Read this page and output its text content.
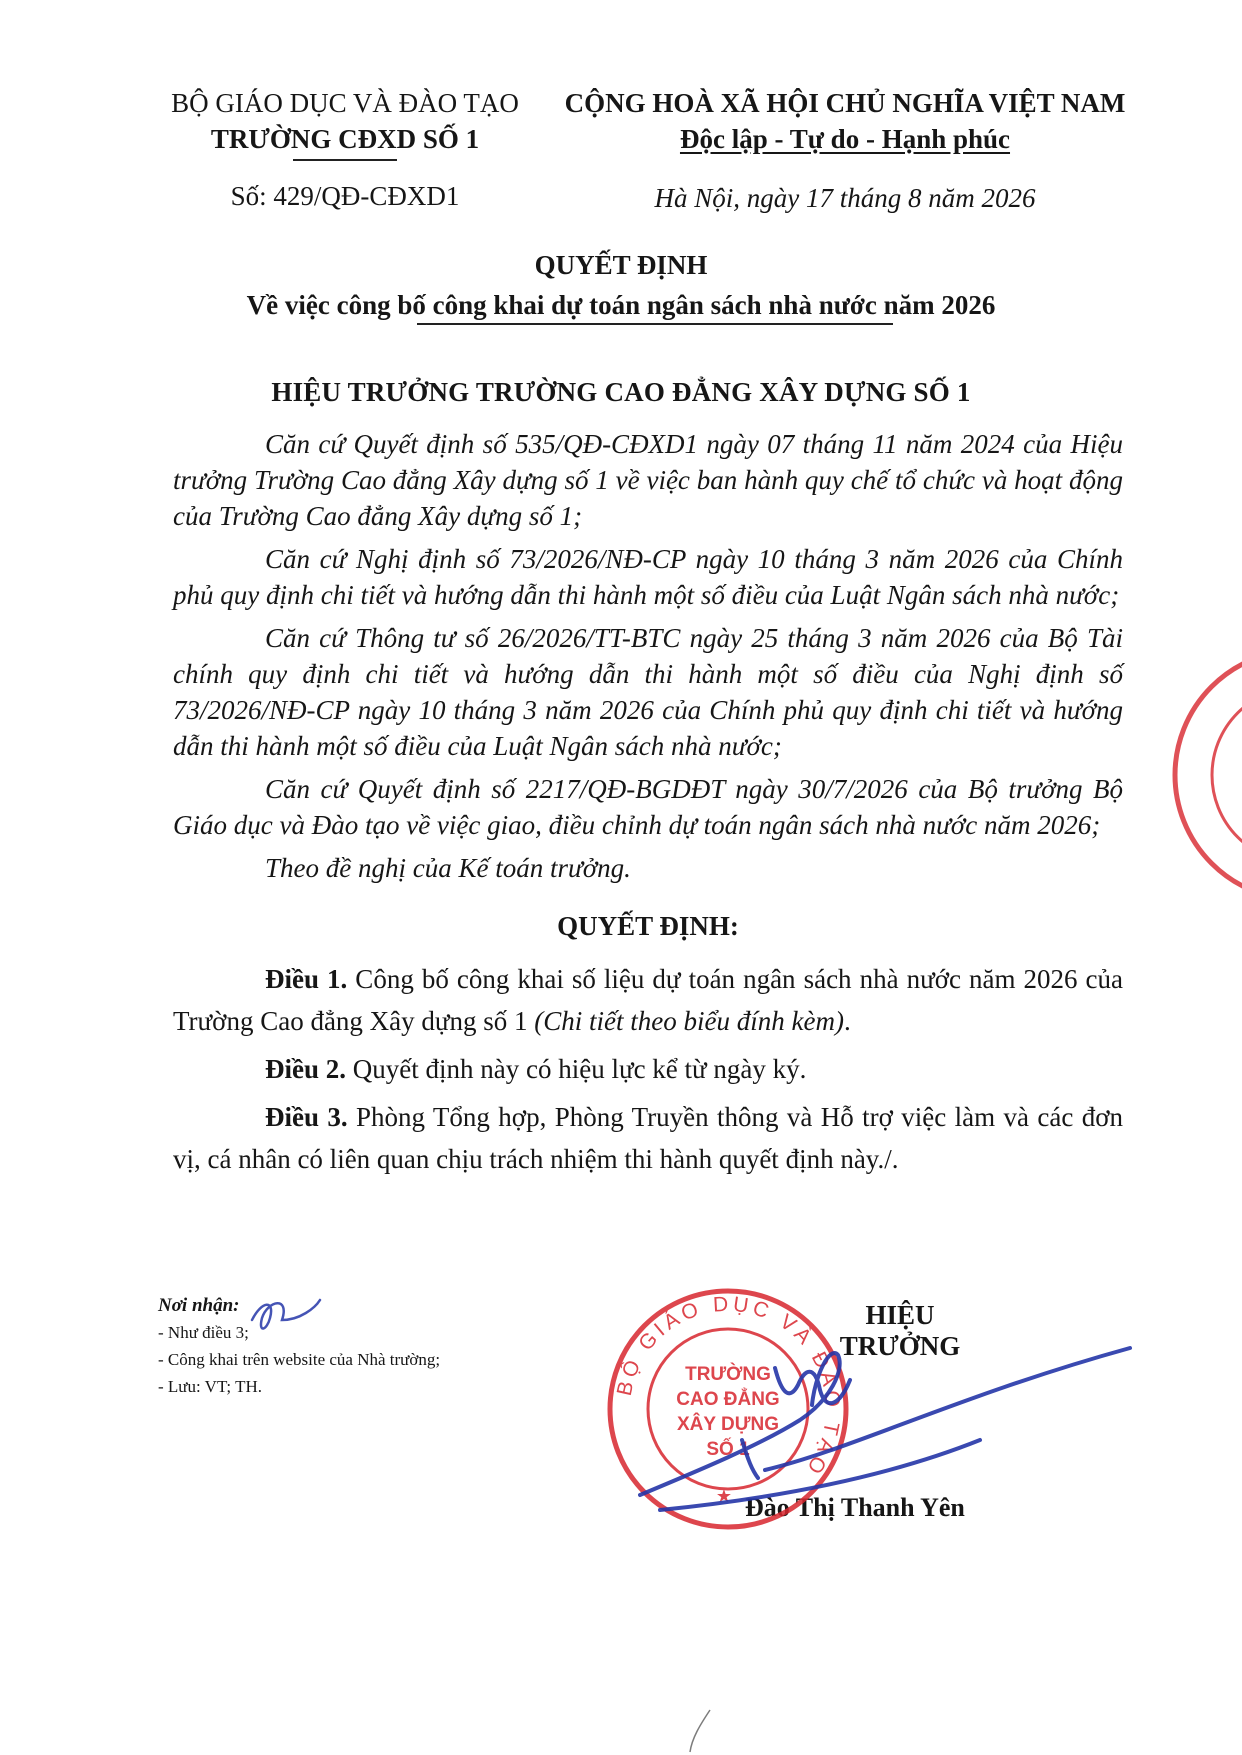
BỘ GIÁO DỤC VÀ ĐÀO TẠO
TRƯỜNG CĐXD SỐ 1
Số: 429/QĐ-CĐXD1
CỘNG HOÀ XÃ HỘI CHỦ NGHĨA VIỆT NAM
Độc lập - Tự do - Hạnh phúc
Hà Nội, ngày 17 tháng 8 năm 2026
QUYẾT ĐỊNH
Về việc công bố công khai dự toán ngân sách nhà nước năm 2026
HIỆU TRƯỞNG TRƯỜNG CAO ĐẲNG XÂY DỰNG SỐ 1

Căn cứ Quyết định số 535/QĐ-CĐXD1 ngày 07 tháng 11 năm 2024 của Hiệu trưởng Trường Cao đẳng Xây dựng số 1 về việc ban hành quy chế tổ chức và hoạt động của Trường Cao đẳng Xây dựng số 1;

Căn cứ Nghị định số 73/2026/NĐ-CP ngày 10 tháng 3 năm 2026 của Chính phủ quy định chi tiết và hướng dẫn thi hành một số điều của Luật Ngân sách nhà nước;

Căn cứ Thông tư số 26/2026/TT-BTC ngày 25 tháng 3 năm 2026 của Bộ Tài chính quy định chi tiết và hướng dẫn thi hành một số điều của Nghị định số 73/2026/NĐ-CP ngày 10 tháng 3 năm 2026 của Chính phủ quy định chi tiết và hướng dẫn thi hành một số điều của Luật Ngân sách nhà nước;

Căn cứ Quyết định số 2217/QĐ-BGDĐT ngày 30/7/2026 của Bộ trưởng Bộ Giáo dục và Đào tạo về việc giao, điều chỉnh dự toán ngân sách nhà nước năm 2026;

Theo đề nghị của Kế toán trưởng.

QUYẾT ĐỊNH:

Điều 1. Công bố công khai số liệu dự toán ngân sách nhà nước năm 2026 của Trường Cao đẳng Xây dựng số 1 (Chi tiết theo biểu đính kèm).

Điều 2. Quyết định này có hiệu lực kể từ ngày ký.

Điều 3. Phòng Tổng hợp, Phòng Truyền thông và Hỗ trợ việc làm và các đơn vị, cá nhân có liên quan chịu trách nhiệm thi hành quyết định này./.

Nơi nhận:
- Như điều 3;
- Công khai trên website của Nhà trường;
- Lưu: VT; TH.
HIỆU TRƯỞNG
Đào Thị Thanh Yên
BỘ GIÁO DỤC VÀ ĐÀO TẠO
TRƯỜNG
CAO ĐẲNG
XÂY DỰNG
SỐ 1
★
